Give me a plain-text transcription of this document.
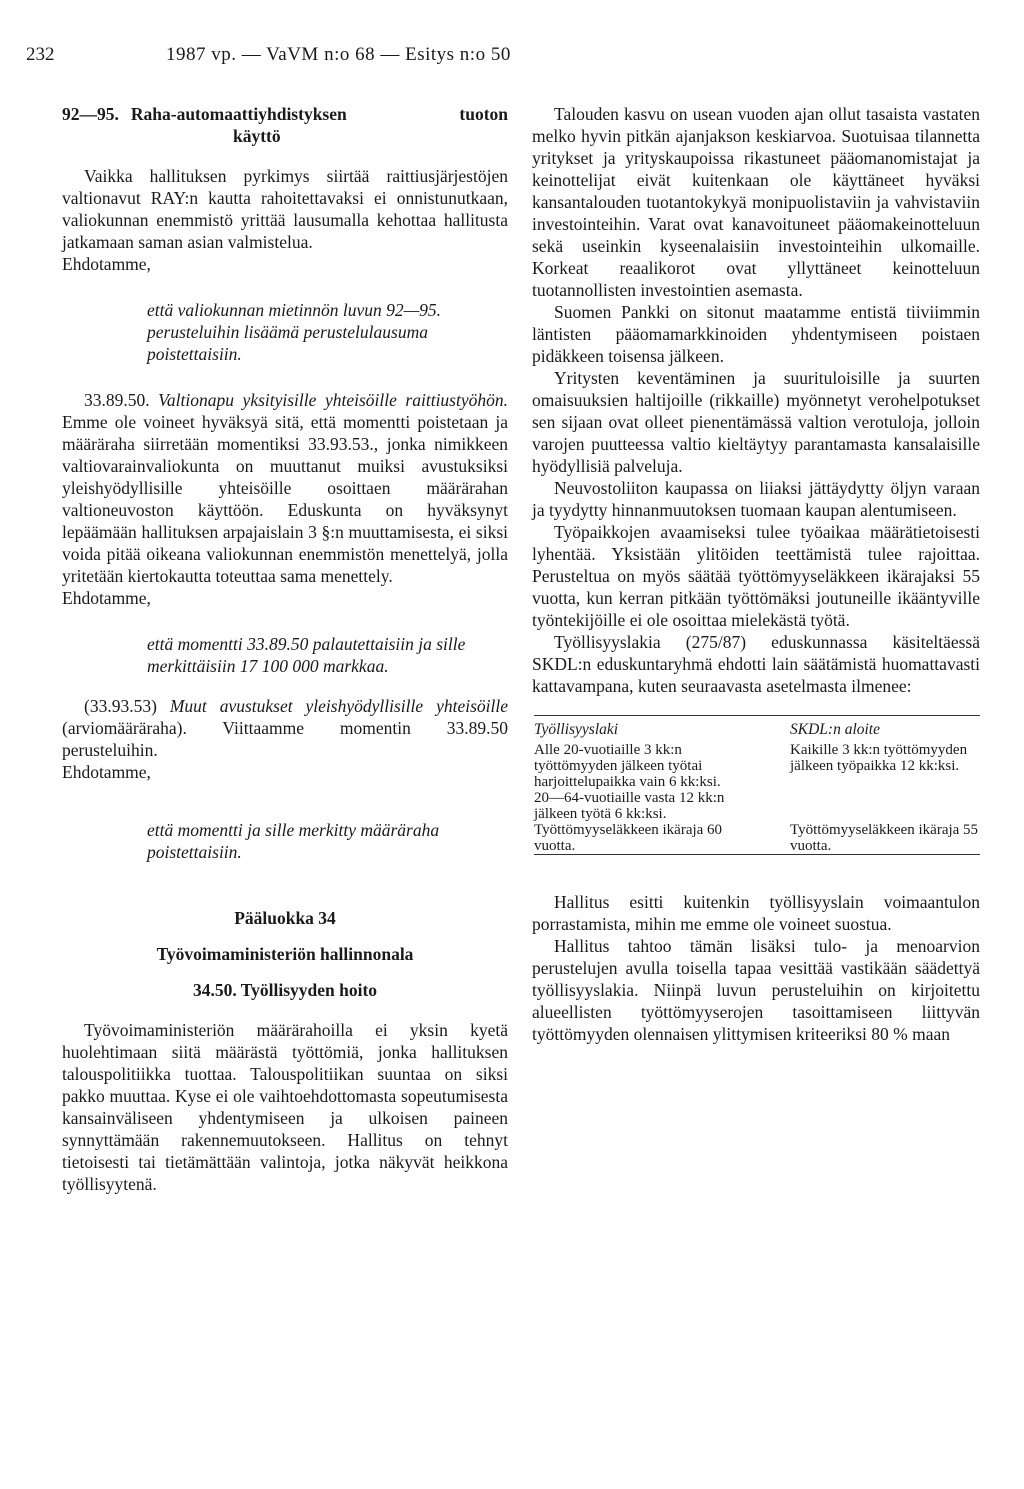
232	1987 vp. — VaVM n:o 68 — Esitys n:o 50
92—95. Raha-automaattiyhdistyksen tuoton
käyttö

Vaikka hallituksen pyrkimys siirtää raittiusjärjestöjen valtionavut RAY:n kautta rahoitettavaksi ei onnistunutkaan, valiokunnan enemmistö yrittää lausumalla kehottaa hallitusta jatkamaan saman asian valmistelua.

Ehdotamme,

että valiokunnan mietinnön luvun 92—95. perusteluihin lisäämä perustelulausuma poistettaisiin.

33.89.50. Valtionapu yksityisille yhteisöille raittiustyöhön. Emme ole voineet hyväksyä sitä, että momentti poistetaan ja määräraha siirretään momentiksi 33.93.53., jonka nimikkeen valtiovarainvaliokunta on muuttanut muiksi avustuksiksi yleishyödyllisille yhteisöille osoittaen määrärahan valtioneuvoston käyttöön. Eduskunta on hyväksynyt lepäämään hallituksen arpajaislain 3 §:n muuttamisesta, ei siksi voida pitää oikeana valiokunnan enemmistön menettelyä, jolla yritetään kiertokautta toteuttaa sama menettely.

Ehdotamme,

että momentti 33.89.50 palautettaisiin ja sille merkittäisiin 17 100 000 markkaa.

(33.93.53) Muut avustukset yleishyödyllisille yhteisöille (arviomääräraha). Viittaamme momentin 33.89.50 perusteluihin.

Ehdotamme,

että momentti ja sille merkitty määräraha poistettaisiin.

Pääluokka 34
Työvoimaministeriön hallinnonala
34.50. Työllisyyden hoito

Työvoimaministeriön määrärahoilla ei yksin kyetä huolehtimaan siitä määrästä työttömiä, jonka hallituksen talouspolitiikka tuottaa. Talouspolitiikan suuntaa on siksi pakko muuttaa. Kyse ei ole vaihtoehdottomasta sopeutumisesta kansainväliseen yhdentymiseen ja ulkoisen paineen synnyttämään rakennemuutokseen. Hallitus on tehnyt tietoisesti tai tietämättään valintoja, jotka näkyvät heikkona työllisyytenä.

Talouden kasvu on usean vuoden ajan ollut tasaista vastaten melko hyvin pitkän ajanjakson keskiarvoa. Suotuisaa tilannetta yritykset ja yrityskaupoissa rikastuneet pääomanomistajat ja keinottelijat eivät kuitenkaan ole käyttäneet hyväksi kansantalouden tuotantokykyä monipuolistaviin ja vahvistaviin investointeihin. Varat ovat kanavoituneet pääomakeinotteluun sekä useinkin kyseenalaisiin investointeihin ulkomaille. Korkeat reaalikorot ovat yllyttäneet keinotteluun tuotannollisten investointien asemasta.

Suomen Pankki on sitonut maatamme entistä tiiviimmin läntisten pääomamarkkinoiden yhdentymiseen poistaen pidäkkeen toisensa jälkeen.

Yritysten keventäminen ja suurituloisille ja suurten omaisuuksien haltijoille (rikkaille) myönnetyt verohelpotukset sen sijaan ovat olleet pienentämässä valtion verotuloja, jolloin varojen puutteessa valtio kieltäytyy parantamasta kansalaisille hyödyllisiä palveluja.

Neuvostoliiton kaupassa on liiaksi jättäydytty öljyn varaan ja tyydytty hinnanmuutoksen tuomaan kaupan alentumiseen.

Työpaikkojen avaamiseksi tulee työaikaa määrätietoisesti lyhentää. Yksistään ylitöiden teettämistä tulee rajoittaa. Perusteltua on myös säätää työttömyyseläkkeen ikärajaksi 55 vuotta, kun kerran pitkään työttömäksi joutuneille ikääntyville työntekijöille ei ole osoittaa mielekästä työtä.

Työllisyyslakia (275/87) eduskunnassa käsiteltäessä SKDL:n eduskuntaryhmä ehdotti lain säätämistä huomattavasti kattavampana, kuten seuraavasta asetelmasta ilmenee:

Työllisyyslaki	SKDL:n aloite
Alle 20-vuotiaille 3 kk:n työttömyyden jälkeen työtai harjoittelupaikka vain 6 kk:ksi.	Kaikille 3 kk:n työttömyyden jälkeen työpaikka 12 kk:ksi.
20—64-vuotiaille vasta 12 kk:n jälkeen työtä 6 kk:ksi.	
Työttömyyseläkkeen ikäraja 60 vuotta.	Työttömyyseläkkeen ikäraja 55 vuotta.

Hallitus esitti kuitenkin työllisyyslain voimaantulon porrastamista, mihin me emme ole voineet suostua.

Hallitus tahtoo tämän lisäksi tulo- ja menoarvion perustelujen avulla toisella tapaa vesittää vastikään säädettyä työllisyyslakia. Niinpä luvun perusteluihin on kirjoitettu alueellisten työttömyyserojen tasoittamiseen liittyvän työttömyyden olennaisen ylittymisen kriteeriksi 80 % maan
